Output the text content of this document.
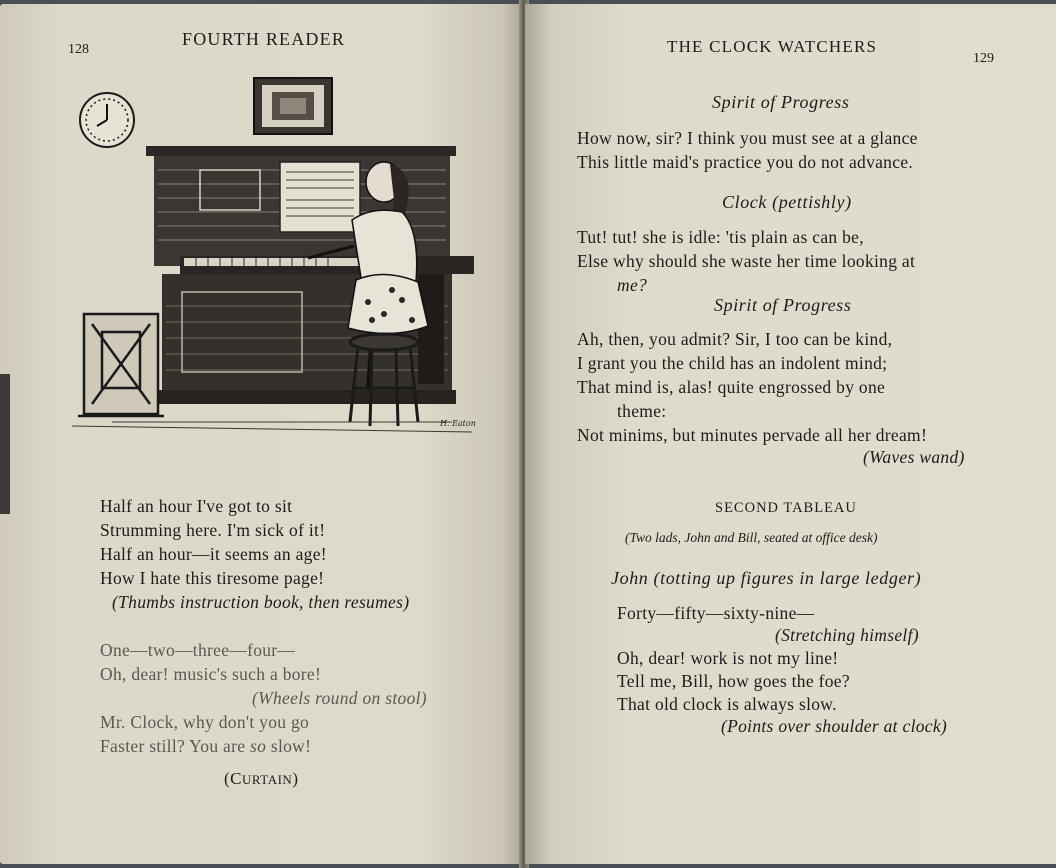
128
FOURTH READER
H. Eaton
Half an hour I've got to sit
Strumming here. I'm sick of it!
Half an hour—it seems an age!
How I hate this tiresome page!
(Thumbs instruction book, then resumes)
One—two—three—four—
Oh, dear! music's such a bore!
(Wheels round on stool)
Mr. Clock, why don't you go
Faster still? You are so slow!
(CURTAIN)
THE CLOCK WATCHERS
129
Spirit of Progress
How now, sir? I think you must see at a glance
This little maid's practice you do not advance.
Clock (pettishly)
Tut! tut! she is idle: 'tis plain as can be,
Else why should she waste her time looking at
me?
Spirit of Progress
Ah, then, you admit? Sir, I too can be kind,
I grant you the child has an indolent mind;
That mind is, alas! quite engrossed by one
theme:
Not minims, but minutes pervade all her dream!
(Waves wand)
SECOND TABLEAU
(Two lads, John and Bill, seated at office desk)
John (totting up figures in large ledger)
Forty—fifty—sixty-nine—
(Stretching himself)
Oh, dear! work is not my line!
Tell me, Bill, how goes the foe?
That old clock is always slow.
(Points over shoulder at clock)
